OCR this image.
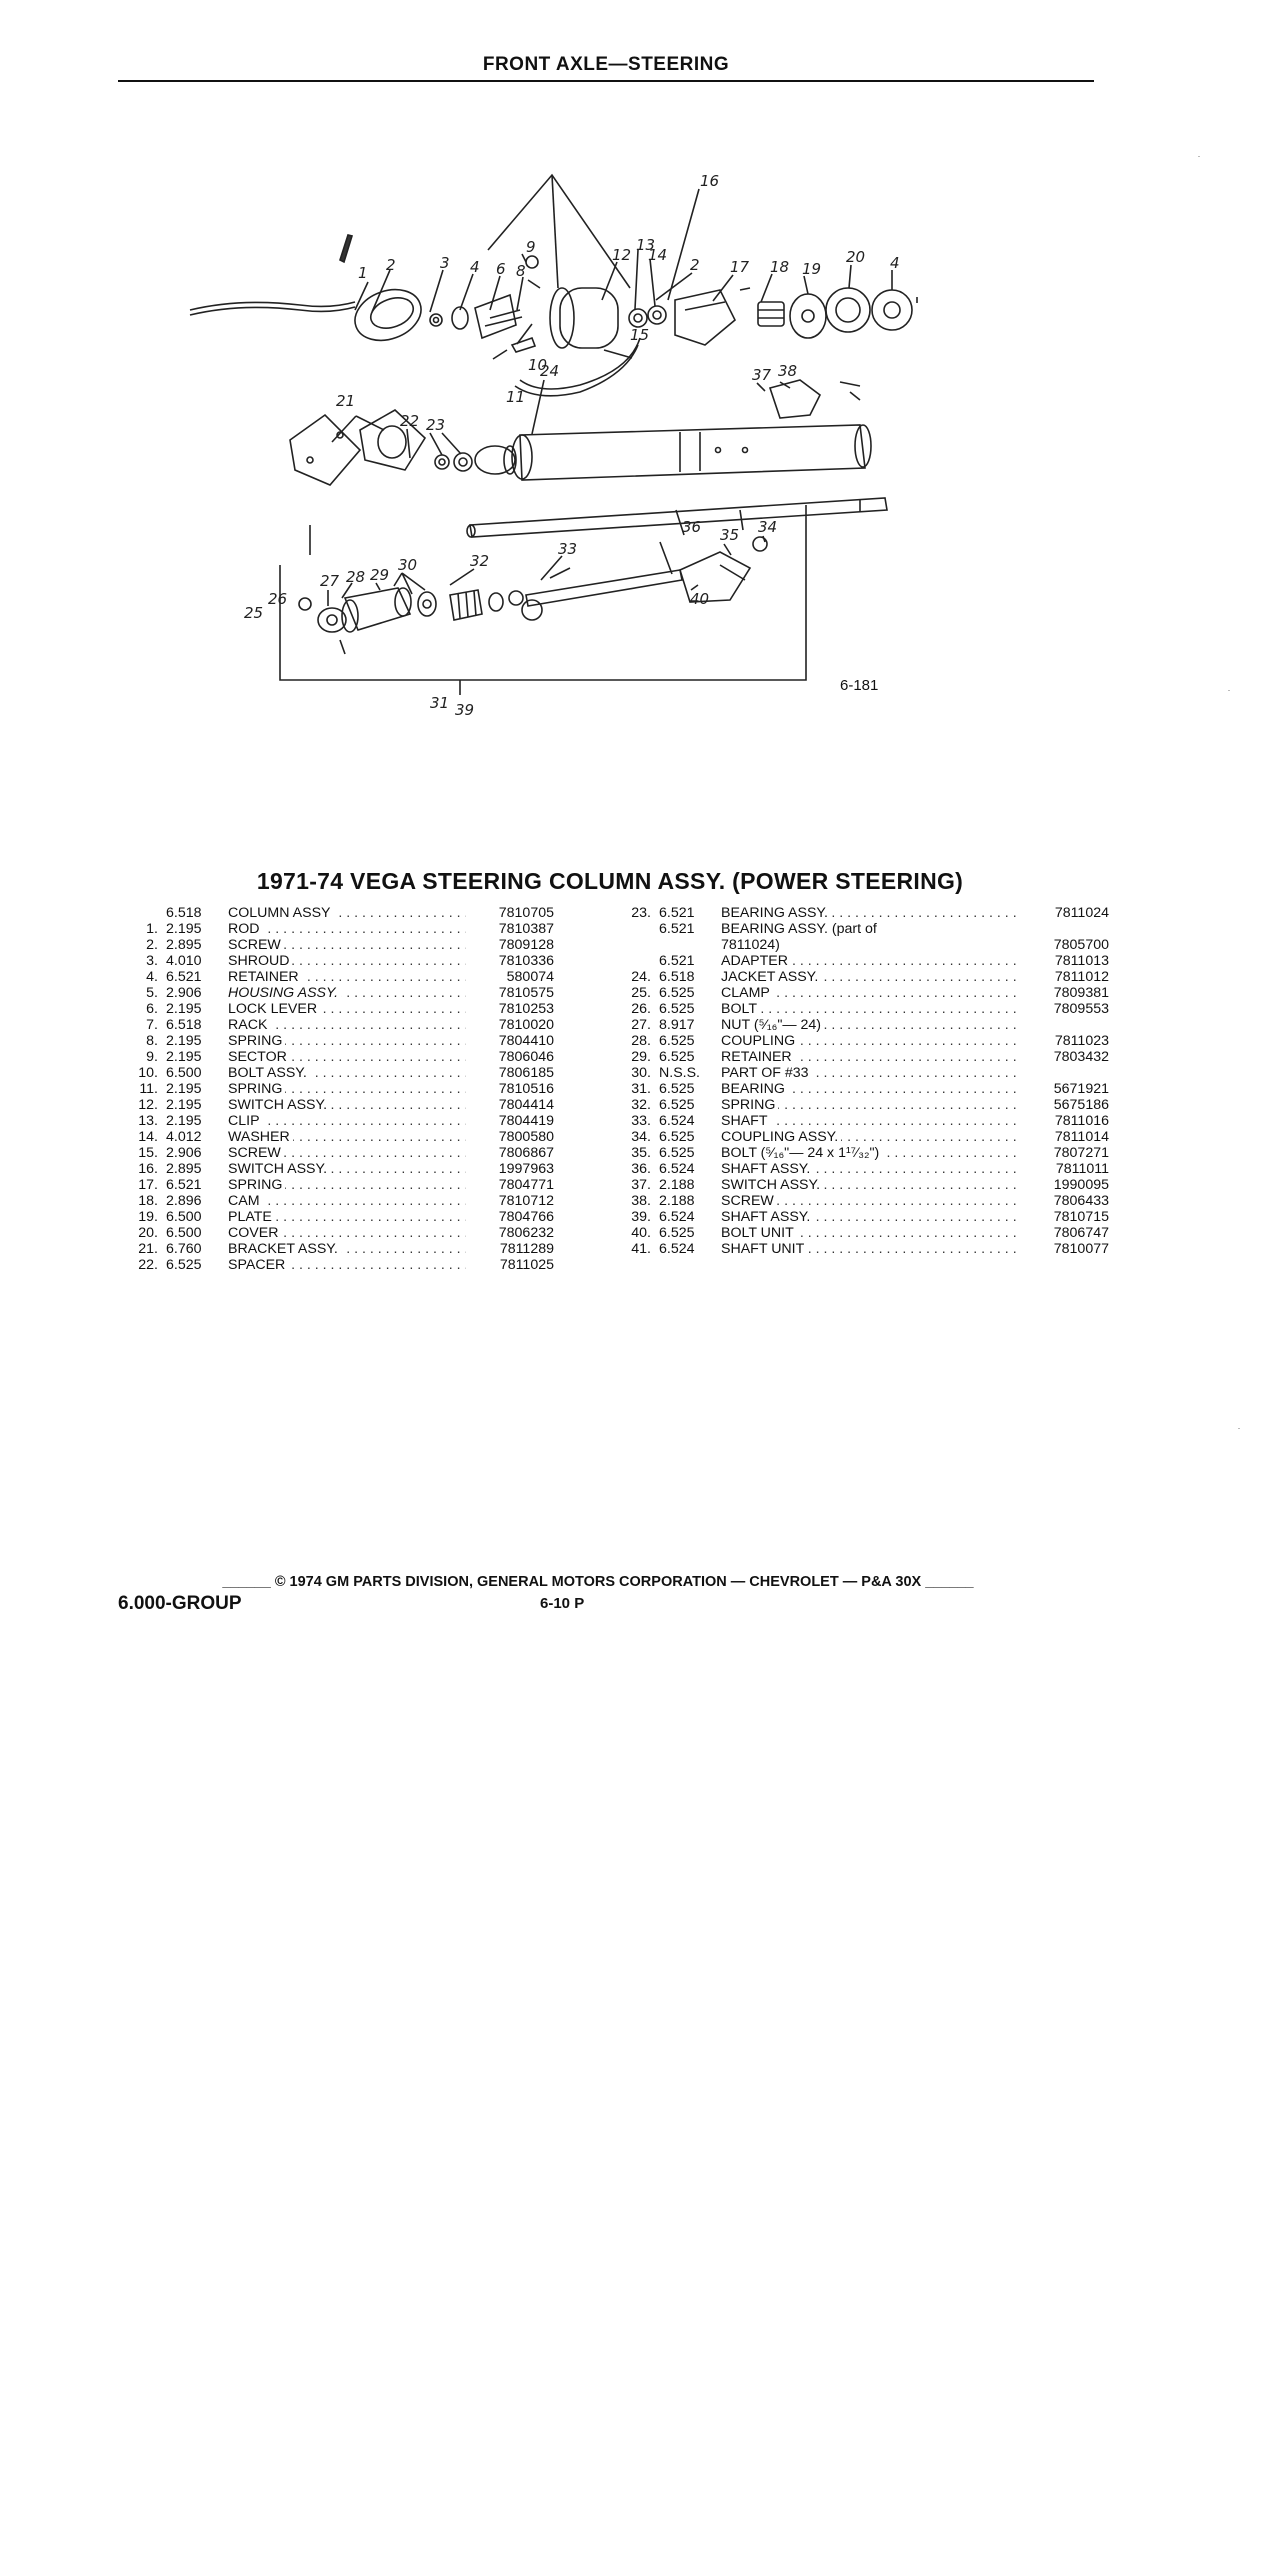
FRONT AXLE—STEERING
1 2	3 4 6 8
9
10
11
12
13
14
15
16
2 17 18 19
20 4
21
22 23
24	37 38
36
27
25
26
28 29
30	32
33
35 34
40
31 39
6-181
1971-74 VEGA STEERING COLUMN ASSY. (POWER STEERING)
6.518	COLUMN ASSY . . .	7810705
1. 2.195	ROD . . .	7810387
2. 2.895	SCREW . . .	7809128
3. 4.010	SHROUD . . .	7810336
4. 6.521	RETAINER . . .	580074
5. 2.906	HOUSING ASSY. . . .	7810575
6. 2.195	LOCK LEVER . . .	7810253
7. 6.518	RACK . . .	7810020
8. 2.195	SPRING . . .	7804410
9. 2.195	SECTOR . . .	7806046
10. 6.500	BOLT ASSY. . . .	7806185
11. 2.195	SPRING . . .	7810516
12. 2.195	SWITCH ASSY. . . .	7804414
13. 2.195	CLIP . . .	7804419
14. 4.012	WASHER . . .	7800580
15. 2.906	SCREW . . .	7806867
16. 2.895	SWITCH ASSY. . . .	1997963
17. 6.521	SPRING . . .	7804771
18. 2.896	CAM . . .	7810712
19. 6.500	PLATE . . .	7804766
20. 6.500	COVER . . .	7806232
21. 6.760	BRACKET ASSY. . . .	7811289
22. 6.525	SPACER . . .	7811025
23. 6.521	BEARING ASSY. . . .	7811024
6.521	BEARING ASSY. (part of
7811024)	7805700
6.521	ADAPTER . . .	7811013
24. 6.518	JACKET ASSY. . . .	7811012
25. 6.525	CLAMP . . .	7809381
26. 6.525	BOLT . . .	7809553
27. 8.917	NUT (⁵⁄₁₆"— 24) . . .
28. 6.525	COUPLING . . .	7811023
29. 6.525	RETAINER . . .	7803432
30. N.S.S.	PART OF #33 . . .
31. 6.525	BEARING . . .	5671921
32. 6.525	SPRING . . .	5675186
33. 6.524	SHAFT . . .	7811016
34. 6.525	COUPLING ASSY. . . .	7811014
35. 6.525	BOLT (⁵⁄₁₆"— 24 x 1¹⁷⁄₃₂") . . .	7807271
36. 6.524	SHAFT ASSY. . . .	7811011
37. 2.188	SWITCH ASSY. . . .	1990095
38. 2.188	SCREW . . .	7806433
39. 6.524	SHAFT ASSY. . . .	7810715
40. 6.525	BOLT UNIT . . .	7806747
41. 6.524	SHAFT UNIT . . .	7810077
______ © 1974 GM PARTS DIVISION, GENERAL MOTORS CORPORATION — CHEVROLET — P&A 30X ______
6.000-GROUP	6-10 P
